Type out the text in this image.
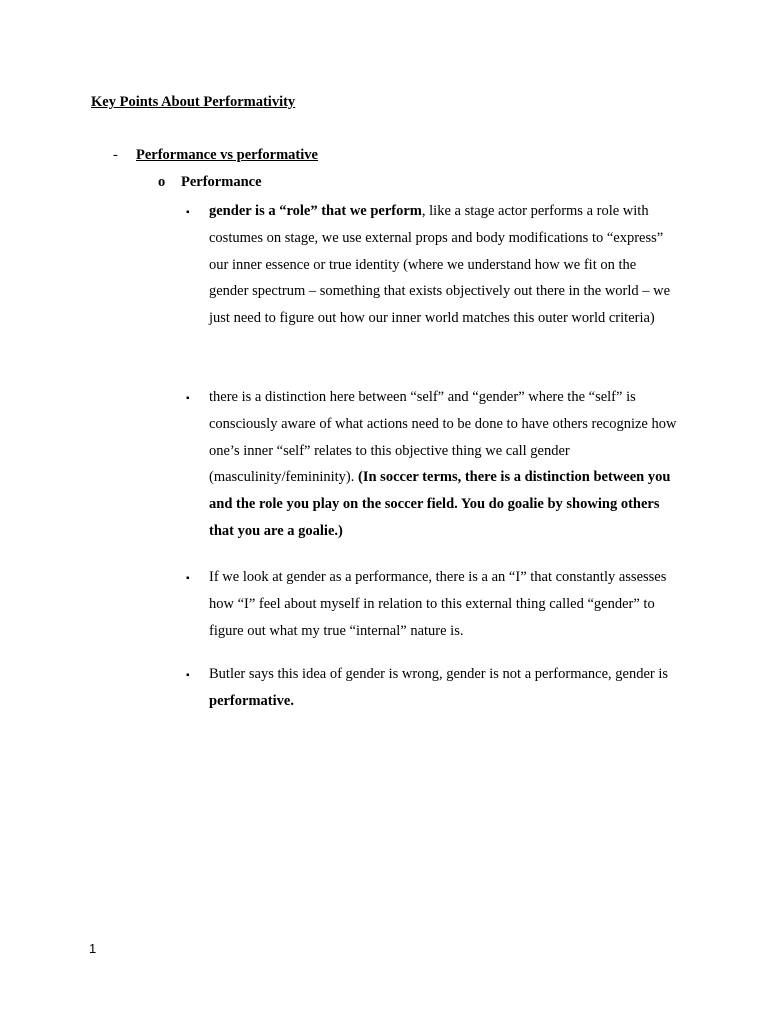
Key Points About Performativity
- Performance vs performative
o Performance
▪ gender is a “role” that we perform, like a stage actor performs a role with costumes on stage, we use external props and body modifications to “express” our inner essence or true identity (where we understand how we fit on the gender spectrum – something that exists objectively out there in the world – we just need to figure out how our inner world matches this outer world criteria)

▪ there is a distinction here between “self” and “gender” where the “self” is consciously aware of what actions need to be done to have others recognize how one’s inner “self” relates to this objective thing we call gender (masculinity/femininity). (In soccer terms, there is a distinction between you and the role you play on the soccer field. You do goalie by showing others that you are a goalie.)

▪ If we look at gender as a performance, there is a an “I” that constantly assesses how “I” feel about myself in relation to this external thing called “gender” to figure out what my true “internal” nature is.

▪ Butler says this idea of gender is wrong, gender is not a performance, gender is performative.

1
